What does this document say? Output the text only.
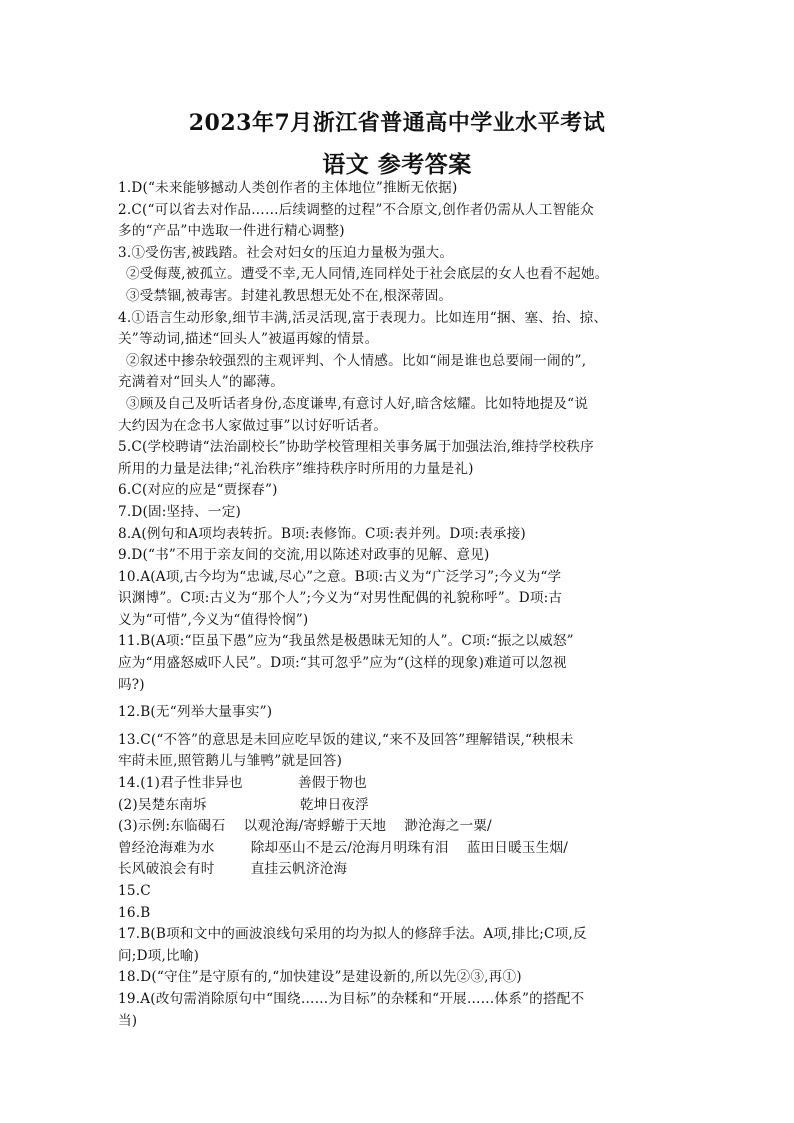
2023年7月浙江省普通高中学业水平考试
语文 参考答案
1.D(“未来能够撼动人类创作者的主体地位”推断无依据)
2.C(“可以省去对作品……后续调整的过程”不合原文,创作者仍需从人工智能众
多的“产品”中选取一件进行精心调整)
3.①受伤害,被践踏。社会对妇女的压迫力量极为强大。
②受侮蔑,被孤立。遭受不幸,无人同情,连同样处于社会底层的女人也看不起她。
③受禁锢,被毒害。封建礼教思想无处不在,根深蒂固。
4.①语言生动形象,细节丰满,活灵活现,富于表现力。比如连用“捆、塞、抬、掠、
关”等动词,描述“回头人”被逼再嫁的情景。
②叙述中掺杂较强烈的主观评判、个人情感。比如“闹是谁也总要闹一闹的”,
充满着对“回头人”的鄙薄。
③顾及自己及听话者身份,态度谦卑,有意讨人好,暗含炫耀。比如特地提及“说
大约因为在念书人家做过事”以讨好听话者。
5.C(学校聘请“法治副校长”协助学校管理相关事务属于加强法治,维持学校秩序
所用的力量是法律;“礼治秩序”维持秩序时所用的力量是礼)
6.C(对应的应是“贾探春”)
7.D(固:坚持、一定)
8.A(例句和A项均表转折。B项:表修饰。C项:表并列。D项:表承接)
9.D(“书”不用于亲友间的交流,用以陈述对政事的见解、意见)
10.A(A项,古今均为“忠诚,尽心”之意。B项:古义为“广泛学习”;今义为“学
识渊博”。C项:古义为“那个人”;今义为“对男性配偶的礼貌称呼”。D项:古
义为“可惜”,今义为“值得怜悯”)
11.B(A项:“臣虽下愚”应为“我虽然是极愚昧无知的人”。C项:“振之以威怒”
应为“用盛怒威吓人民”。D项:“其可忽乎”应为“(这样的现象)难道可以忽视
吗?)
12.B(无“列举大量事实”)
13.C(“不答”的意思是未回应吃早饭的建议,“来不及回答”理解错误,“秧根未
牢莳未匝,照管鹅儿与雏鸭”就是回答)
14.(1)君子性非异也	善假于物也
(2)吴楚东南坼	乾坤日夜浮
(3)示例:东临碣石    以观沧海/寄蜉蝣于天地    渺沧海之一粟/
曾经沧海难为水        除却巫山不是云/沧海月明珠有泪    蓝田日暖玉生烟/
长风破浪会有时        直挂云帆济沧海
15.C
16.B
17.B(B项和文中的画波浪线句采用的均为拟人的修辞手法。A项,排比;C项,反
问;D项,比喻)
18.D(“守住”是守原有的,“加快建设”是建设新的,所以先②③,再①)
19.A(改句需消除原句中“围绕……为目标”的杂糅和“开展……体系”的搭配不
当)
